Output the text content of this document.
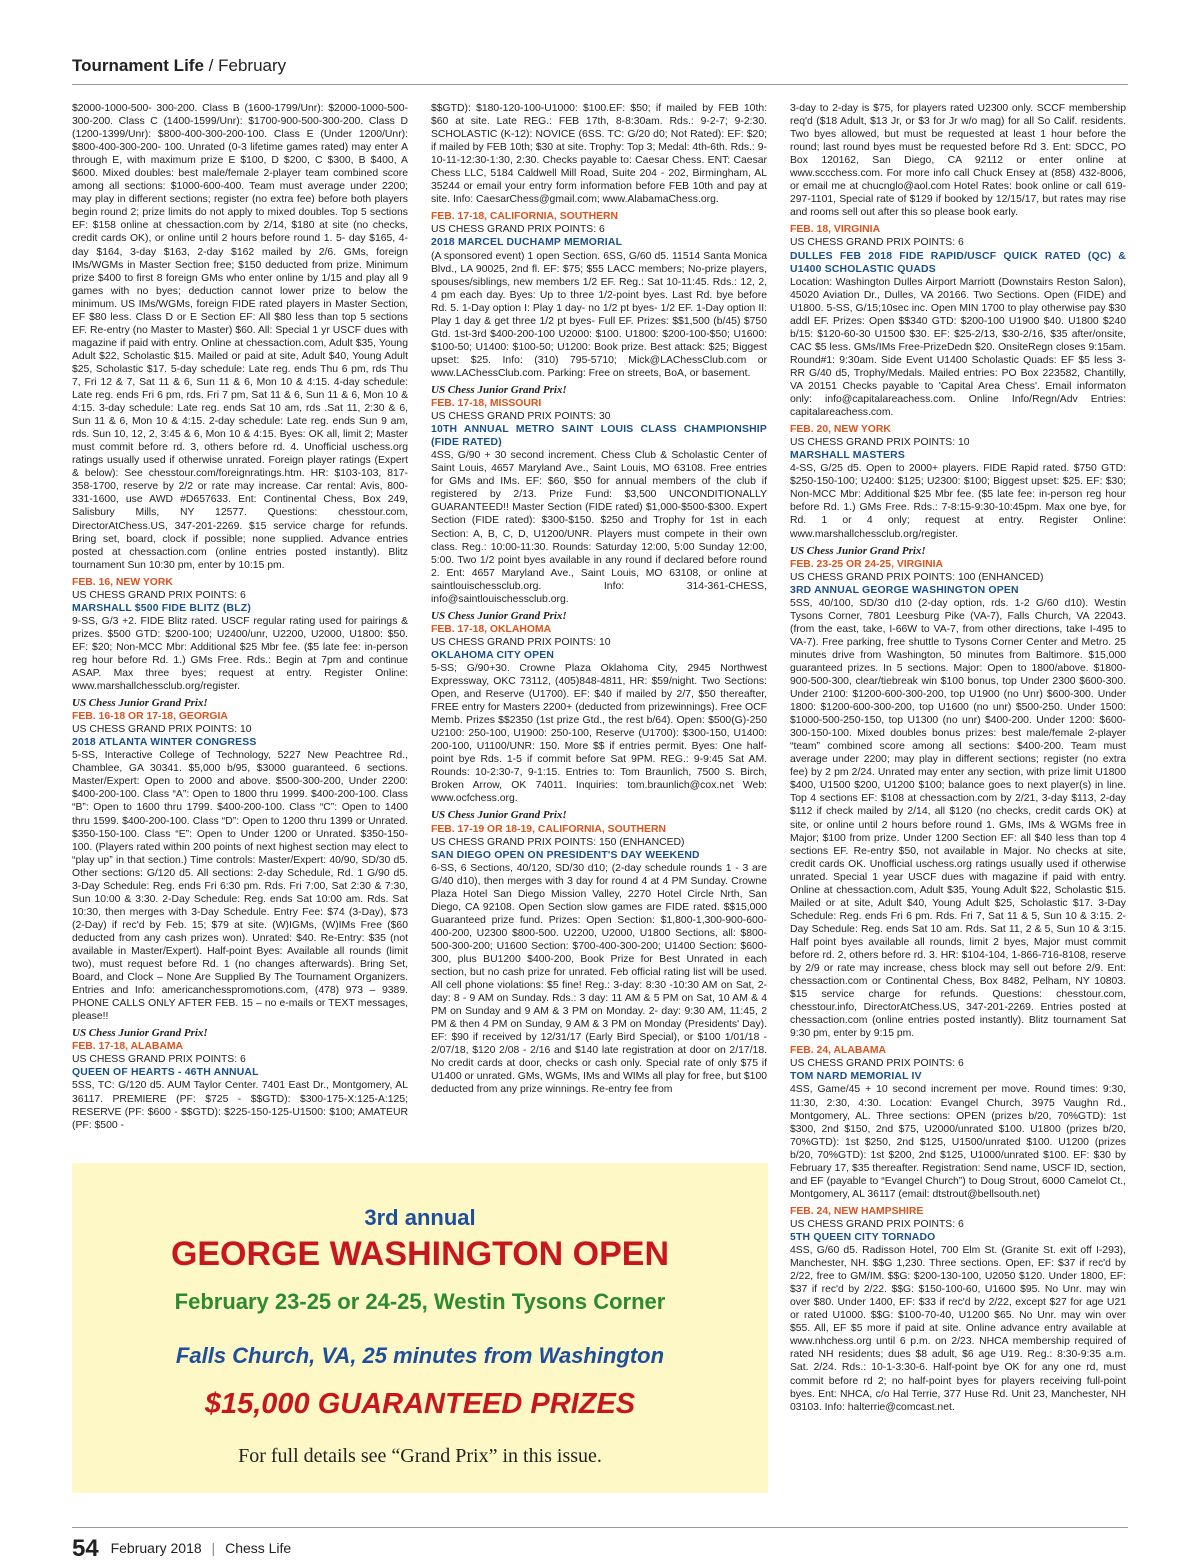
Tournament Life / February

$2000-1000-500- 300-200. Class B (1600-1799/Unr): $2000-1000-500-300-200. Class C (1400-1599/Unr): $1700-900-500-300-200. Class D (1200-1399/Unr): $800-400-300-200-100. Class E (Under 1200/Unr): $800-400-300-200- 100. Unrated (0-3 lifetime games rated) may enter A through E, with maximum prize E $100, D $200, C $300, B $400, A $600. Mixed doubles: best male/female 2-player team combined score among all sections: $1000-600-400. Team must average under 2200; may play in different sections; register (no extra fee) before both players begin round 2; prize limits do not apply to mixed doubles. Top 5 sections EF: $158 online at chessaction.com by 2/14, $180 at site (no checks, credit cards OK), or online until 2 hours before round 1. 5- day $165, 4-day $164, 3-day $163, 2-day $162 mailed by 2/6. GMs, foreign IMs/WGMs in Master Section free; $150 deducted from prize. Minimum prize $400 to first 8 foreign GMs who enter online by 1/15 and play all 9 games with no byes; deduction cannot lower prize to below the minimum. US IMs/WGMs, foreign FIDE rated players in Master Section, EF $80 less. Class D or E Section EF: All $80 less than top 5 sections EF. Re-entry (no Master to Master) $60. All: Special 1 yr USCF dues with magazine if paid with entry. Online at chessaction.com, Adult $35, Young Adult $22, Scholastic $15. Mailed or paid at site, Adult $40, Young Adult $25, Scholastic $17. 5-day schedule: Late reg. ends Thu 6 pm, rds Thu 7, Fri 12 & 7, Sat 11 & 6, Sun 11 & 6, Mon 10 & 4:15. 4-day schedule: Late reg. ends Fri 6 pm, rds. Fri 7 pm, Sat 11 & 6, Sun 11 & 6, Mon 10 & 4:15. 3-day schedule: Late reg. ends Sat 10 am, rds .Sat 11, 2:30 & 6, Sun 11 & 6, Mon 10 & 4:15. 2-day schedule: Late reg. ends Sun 9 am, rds. Sun 10, 12, 2, 3:45 & 6, Mon 10 & 4:15. Byes: OK all, limit 2; Master must commit before rd. 3, others before rd. 4. Unofficial uschess.org ratings usually used if otherwise unrated. Foreign player ratings (Expert & below): See chesstour.com/foreignratings.htm. HR: $103-103, 817-358-1700, reserve by 2/2 or rate may increase. Car rental: Avis, 800-331-1600, use AWD #D657633. Ent: Continental Chess, Box 249, Salisbury Mills, NY 12577. Questions: chesstour.com, DirectorAtChess.US, 347-201-2269. $15 service charge for refunds. Bring set, board, clock if possible; none supplied. Advance entries posted at chessaction.com (online entries posted instantly). Blitz tournament Sun 10:30 pm, enter by 10:15 pm.

FEB. 16, NEW YORK
US CHESS GRAND PRIX POINTS: 6
MARSHALL $500 FIDE BLITZ (BLZ)

9-SS, G/3 +2. FIDE Blitz rated. USCF regular rating used for pairings & prizes. $500 GTD: $200-100; U2400/unr, U2200, U2000, U1800: $50. EF: $20; Non-MCC Mbr: Additional $25 Mbr fee. ($5 late fee: in-person reg hour before Rd. 1.) GMs Free. Rds.: Begin at 7pm and continue ASAP. Max three byes; request at entry. Register Online: www.marshallchessclub.org/register.

US Chess Junior Grand Prix!
FEB. 16-18 OR 17-18, GEORGIA
US CHESS GRAND PRIX POINTS: 10
2018 ATLANTA WINTER CONGRESS

5-SS, Interactive College of Technology, 5227 New Peachtree Rd., Chamblee, GA 30341. $5,000 b/95, $3000 guaranteed. 6 sections. Master/Expert: Open to 2000 and above. $500-300-200, Under 2200: $400-200-100. Class “A”: Open to 1800 thru 1999. $400-200-100. Class “B”: Open to 1600 thru 1799. $400-200-100. Class “C”: Open to 1400 thru 1599. $400-200-100. Class “D”: Open to 1200 thru 1399 or Unrated. $350-150-100. Class “E”: Open to Under 1200 or Unrated. $350-150-100. (Players rated within 200 points of next highest section may elect to “play up” in that section.) Time controls: Master/Expert: 40/90, SD/30 d5. Other sections: G/120 d5. All sections: 2-day Schedule, Rd. 1 G/90 d5. 3-Day Schedule: Reg. ends Fri 6:30 pm. Rds. Fri 7:00, Sat 2:30 & 7:30, Sun 10:00 & 3:30. 2-Day Schedule: Reg. ends Sat 10:00 am. Rds. Sat 10:30, then merges with 3-Day Schedule. Entry Fee: $74 (3-Day), $73 (2-Day) if rec'd by Feb. 15; $79 at site. (W)IGMs, (W)IMs Free ($60 deducted from any cash prizes won). Unrated: $40. Re-Entry: $35 (not available in Master/Expert). Half-point Byes: Available all rounds (limit two), must request before Rd. 1 (no changes afterwards). Bring Set, Board, and Clock – None Are Supplied By The Tournament Organizers. Entries and Info: americanchesspromotions.com, (478) 973 – 9389. PHONE CALLS ONLY AFTER FEB. 15 – no e-mails or TEXT messages, please!!

US Chess Junior Grand Prix!
FEB. 17-18, ALABAMA
US CHESS GRAND PRIX POINTS: 6
QUEEN OF HEARTS - 46TH ANNUAL

5SS, TC: G/120 d5. AUM Taylor Center. 7401 East Dr., Montgomery, AL 36117. PREMIERE (PF: $725 - $$GTD): $300-175-X:125-A:125; RESERVE (PF: $600 - $$GTD): $225-150-125-U1500: $100; AMATEUR (PF: $500 -

$$GTD): $180-120-100-U1000: $100.EF: $50; if mailed by FEB 10th: $60 at site. Late REG.: FEB 17th, 8-8:30am. Rds.: 9-2-7; 9-2:30. SCHOLASTIC (K-12): NOVICE (6SS. TC: G/20 d0; Not Rated): EF: $20; if mailed by FEB 10th; $30 at site. Trophy: Top 3; Medal: 4th-6th. Rds.: 9-10-11-12:30-1:30, 2:30. Checks payable to: Caesar Chess. ENT: Caesar Chess LLC, 5184 Caldwell Mill Road, Suite 204 - 202, Birmingham, AL 35244 or email your entry form information before FEB 10th and pay at site. Info: CaesarChess@gmail.com; www.AlabamaChess.org.

FEB. 17-18, CALIFORNIA, SOUTHERN
US CHESS GRAND PRIX POINTS: 6
2018 MARCEL DUCHAMP MEMORIAL

(A sponsored event) 1 open Section. 6SS, G/60 d5. 11514 Santa Monica Blvd., LA 90025, 2nd fl. EF: $75; $55 LACC members; No-prize players, spouses/siblings, new members 1/2 EF. Reg.: Sat 10-11:45. Rds.: 12, 2, 4 pm each day. Byes: Up to three 1/2-point byes. Last Rd. bye before Rd. 5. 1-Day option I: Play 1 day- no 1/2 pt byes- 1/2 EF. 1-Day option II: Play 1 day & get three 1/2 pt byes- Full EF. Prizes: $$1,500 (b/45) $750 Gtd. 1st-3rd $400-200-100 U2000: $100. U1800: $200-100-$50; U1600: $100-50; U1400: $100-50; U1200: Book prize. Best attack: $25; Biggest upset: $25. Info: (310) 795-5710; Mick@LAChessClub.com or www.LAChessClub.com. Parking: Free on streets, BoA, or basement.

US Chess Junior Grand Prix!
FEB. 17-18, MISSOURI
US CHESS GRAND PRIX POINTS: 30
10TH ANNUAL METRO SAINT LOUIS CLASS CHAMPIONSHIP (FIDE RATED)

4SS, G/90 + 30 second increment. Chess Club & Scholastic Center of Saint Louis, 4657 Maryland Ave., Saint Louis, MO 63108. Free entries for GMs and IMs. EF: $60, $50 for annual members of the club if registered by 2/13. Prize Fund: $3,500 UNCONDITIONALLY GUARANTEED!! Master Section (FIDE rated) $1,000-$500-$300. Expert Section (FIDE rated): $300-$150. $250 and Trophy for 1st in each Section: A, B, C, D, U1200/UNR. Players must compete in their own class. Reg.: 10:00-11:30. Rounds: Saturday 12:00, 5:00 Sunday 12:00, 5:00. Two 1/2 point byes available in any round if declared before round 2. Ent: 4657 Maryland Ave., Saint Louis, MO 63108, or online at saintlouischessclub.org. Info: 314-361-CHESS, info@saintlouischessclub.org.

US Chess Junior Grand Prix!
FEB. 17-18, OKLAHOMA
US CHESS GRAND PRIX POINTS: 10
OKLAHOMA CITY OPEN

5-SS; G/90+30. Crowne Plaza Oklahoma City, 2945 Northwest Expressway, OKC 73112, (405)848-4811, HR: $59/night. Two Sections: Open, and Reserve (U1700). EF: $40 if mailed by 2/7, $50 thereafter, FREE entry for Masters 2200+ (deducted from prizewinnings). Free OCF Memb. Prizes $$2350 (1st prize Gtd., the rest b/64). Open: $500(G)-250 U2100: 250-100, U1900: 250-100, Reserve (U1700): $300-150, U1400: 200-100, U1100/UNR: 150. More $$ if entries permit. Byes: One half-point bye Rds. 1-5 if commit before Sat 9PM. REG.: 9-9:45 Sat AM. Rounds: 10-2:30-7, 9-1:15. Entries to: Tom Braunlich, 7500 S. Birch, Broken Arrow, OK 74011. Inquiries: tom.braunlich@cox.net Web: www.ocfchess.org.

US Chess Junior Grand Prix!
FEB. 17-19 OR 18-19, CALIFORNIA, SOUTHERN
US CHESS GRAND PRIX POINTS: 150 (ENHANCED)
SAN DIEGO OPEN ON PRESIDENT'S DAY WEEKEND

6-SS, 6 Sections, 40/120, SD/30 d10; (2-day schedule rounds 1 - 3 are G/40 d10), then merges with 3 day for round 4 at 4 PM Sunday. Crowne Plaza Hotel San Diego Mission Valley, 2270 Hotel Circle Nrth, San Diego, CA 92108. Open Section slow games are FIDE rated. $$15,000 Guaranteed prize fund. Prizes: Open Section: $1,800-1,300-900-600-400-200, U2300 $800-500. U2200, U2000, U1800 Sections, all: $800-500-300-200; U1600 Section: $700-400-300-200; U1400 Section: $600-300, plus BU1200 $400-200, Book Prize for Best Unrated in each section, but no cash prize for unrated. Feb official rating list will be used. All cell phone violations: $5 fine! Reg.: 3-day: 8:30 -10:30 AM on Sat, 2-day: 8 - 9 AM on Sunday. Rds.: 3 day: 11 AM & 5 PM on Sat, 10 AM & 4 PM on Sunday and 9 AM & 3 PM on Monday. 2- day: 9:30 AM, 11:45, 2 PM & then 4 PM on Sunday, 9 AM & 3 PM on Monday (Presidents' Day). EF: $90 if received by 12/31/17 (Early Bird Special), or $100 1/01/18 - 2/07/18, $120 2/08 - 2/16 and $140 late registration at door on 2/17/18. No credit cards at door, checks or cash only. Special rate of only $75 if U1400 or unrated. GMs, WGMs, IMs and WIMs all play for free, but $100 deducted from any prize winnings. Re-entry fee from

3-day to 2-day is $75, for players rated U2300 only. SCCF membership req'd ($18 Adult, $13 Jr, or $3 for Jr w/o mag) for all So Calif. residents. Two byes allowed, but must be requested at least 1 hour before the round; last round byes must be requested before Rd 3. Ent: SDCC, PO Box 120162, San Diego, CA 92112 or enter online at www.sccchess.com. For more info call Chuck Ensey at (858) 432-8006, or email me at chucnglo@aol.com Hotel Rates: book online or call 619-297-1101, Special rate of $129 if booked by 12/15/17, but rates may rise and rooms sell out after this so please book early.

FEB. 18, VIRGINIA
US CHESS GRAND PRIX POINTS: 6
DULLES FEB 2018 FIDE RAPID/USCF QUICK RATED (QC) & U1400 SCHOLASTIC QUADS

Location: Washington Dulles Airport Marriott (Downstairs Reston Salon), 45020 Aviation Dr., Dulles, VA 20166. Two Sections. Open (FIDE) and U1800. 5-SS, G/15;10sec inc. Open MIN 1700 to play otherwise pay $30 addl EF. Prizes: Open $$340 GTD: $200-100 U1900 $40. U1800 $240 b/15: $120-60-30 U1500 $30. EF: $25-2/13, $30-2/16, $35 after/onsite, CAC $5 less. GMs/IMs Free-PrizeDedn $20. OnsiteRegn closes 9:15am. Round#1: 9:30am. Side Event U1400 Scholastic Quads: EF $5 less 3- RR G/40 d5, Trophy/Medals. Mailed entries: PO Box 223582, Chantilly, VA 20151 Checks payable to 'Capital Area Chess'. Email informaton only: info@capitalareachess.com. Online Info/Regn/Adv Entries: capitalareachess.com.

FEB. 20, NEW YORK
US CHESS GRAND PRIX POINTS: 10
MARSHALL MASTERS

4-SS, G/25 d5. Open to 2000+ players. FIDE Rapid rated. $750 GTD: $250-150-100; U2400: $125; U2300: $100; Biggest upset: $25. EF: $30; Non-MCC Mbr: Additional $25 Mbr fee. ($5 late fee: in-person reg hour before Rd. 1.) GMs Free. Rds.: 7-8:15-9:30-10:45pm. Max one bye, for Rd. 1 or 4 only; request at entry. Register Online: www.marshallchessclub.org/register.

US Chess Junior Grand Prix!
FEB. 23-25 OR 24-25, VIRGINIA
US CHESS GRAND PRIX POINTS: 100 (ENHANCED)
3RD ANNUAL GEORGE WASHINGTON OPEN

5SS, 40/100, SD/30 d10 (2-day option, rds. 1-2 G/60 d10). Westin Tysons Corner, 7801 Leesburg Pike (VA-7), Falls Church, VA 22043. (from the east, take, I-66W to VA-7, from other directions, take I-495 to VA-7). Free parking, free shuttle to Tysons Corner Center and Metro. 25 minutes drive from Washington, 50 minutes from Baltimore. $15,000 guaranteed prizes. In 5 sections. Major: Open to 1800/above. $1800-900-500-300, clear/tiebreak win $100 bonus, top Under 2300 $600-300. Under 2100: $1200-600-300-200, top U1900 (no Unr) $600-300. Under 1800: $1200-600-300-200, top U1600 (no unr) $500-250. Under 1500: $1000-500-250-150, top U1300 (no unr) $400-200. Under 1200: $600-300-150-100. Mixed doubles bonus prizes: best male/female 2-player “team” combined score among all sections: $400-200. Team must average under 2200; may play in different sections; register (no extra fee) by 2 pm 2/24. Unrated may enter any section, with prize limit U1800 $400, U1500 $200, U1200 $100; balance goes to next player(s) in line. Top 4 sections EF: $108 at chessaction.com by 2/21, 3-day $113, 2-day $112 if check mailed by 2/14, all $120 (no checks, credit cards OK) at site, or online until 2 hours before round 1. GMs, IMs & WGMs free in Major; $100 from prize. Under 1200 Section EF: all $40 less than top 4 sections EF. Re-entry $50, not available in Major. No checks at site, credit cards OK. Unofficial uschess.org ratings usually used if otherwise unrated. Special 1 year USCF dues with magazine if paid with entry. Online at chessaction.com, Adult $35, Young Adult $22, Scholastic $15. Mailed or at site, Adult $40, Young Adult $25, Scholastic $17. 3-Day Schedule: Reg. ends Fri 6 pm. Rds. Fri 7, Sat 11 & 5, Sun 10 & 3:15. 2-Day Schedule: Reg. ends Sat 10 am. Rds. Sat 11, 2 & 5, Sun 10 & 3:15. Half point byes available all rounds, limit 2 byes, Major must commit before rd. 2, others before rd. 3. HR: $104-104, 1-866-716-8108, reserve by 2/9 or rate may increase, chess block may sell out before 2/9. Ent: chessaction.com or Continental Chess, Box 8482, Pelham, NY 10803. $15 service charge for refunds. Questions: chesstour.com, chesstour.info, DirectorAtChess.US, 347-201-2269. Entries posted at chessaction.com (online entries posted instantly). Blitz tournament Sat 9:30 pm, enter by 9:15 pm.

FEB. 24, ALABAMA
US CHESS GRAND PRIX POINTS: 6
TOM NARD MEMORIAL IV

4SS, Game/45 + 10 second increment per move. Round times: 9:30, 11:30, 2:30, 4:30. Location: Evangel Church, 3975 Vaughn Rd., Montgomery, AL. Three sections: OPEN (prizes b/20, 70%GTD): 1st $300, 2nd $150, 2nd $75, U2000/unrated $100. U1800 (prizes b/20, 70%GTD): 1st $250, 2nd $125, U1500/unrated $100. U1200 (prizes b/20, 70%GTD): 1st $200, 2nd $125, U1000/unrated $100. EF: $30 by February 17, $35 thereafter. Registration: Send name, USCF ID, section, and EF (payable to “Evangel Church”) to Doug Strout, 6000 Camelot Ct., Montgomery, AL 36117 (email: dtstrout@bellsouth.net)

FEB. 24, NEW HAMPSHIRE
US CHESS GRAND PRIX POINTS: 6
5TH QUEEN CITY TORNADO

4SS, G/60 d5. Radisson Hotel, 700 Elm St. (Granite St. exit off I-293), Manchester, NH. $$G 1,230. Three sections. Open, EF: $37 if rec'd by 2/22, free to GM/IM. $$G: $200-130-100, U2050 $120. Under 1800, EF: $37 if rec'd by 2/22. $$G: $150-100-60, U1600 $95. No Unr. may win over $80. Under 1400, EF: $33 if rec'd by 2/22, except $27 for age U21 or rated U1000. $$G: $100-70-40, U1200 $65. No Unr. may win over $55. All, EF $5 more if paid at site. Online advance entry available at www.nhchess.org until 6 p.m. on 2/23. NHCA membership required of rated NH residents; dues $8 adult, $6 age U19. Reg.: 8:30-9:35 a.m. Sat. 2/24. Rds.: 10-1-3:30-6. Half-point bye OK for any one rd, must commit before rd 2; no half-point byes for players receiving full-point byes. Ent: NHCA, c/o Hal Terrie, 377 Huse Rd. Unit 23, Manchester, NH 03103. Info: halterrie@comcast.net.

3rd annual
GEORGE WASHINGTON OPEN
February 23-25 or 24-25, Westin Tysons Corner
Falls Church, VA, 25 minutes from Washington
$15,000 GUARANTEED PRIZES
For full details see “Grand Prix” in this issue.
54 February 2018 | Chess Life
